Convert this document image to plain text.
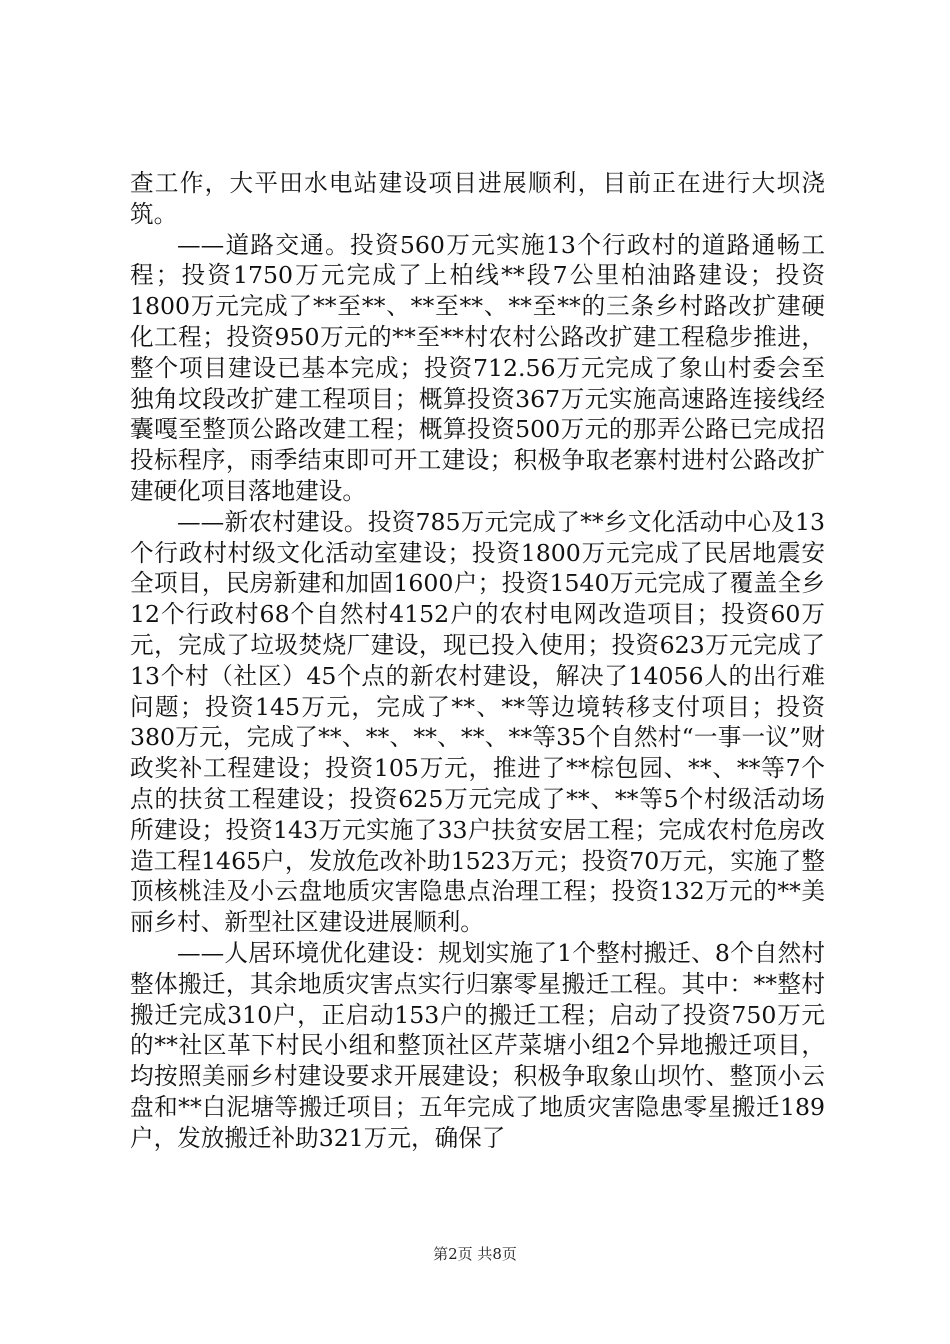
查工作，大平田水电站建设项目进展顺利，目前正在进行大坝浇筑。

——道路交通。投资560万元实施13个行政村的道路通畅工程；投资1750万元完成了上柏线**段7公里柏油路建设；投资1800万元完成了**至**、**至**、**至**的三条乡村路改扩建硬化工程；投资950万元的**至**村农村公路改扩建工程稳步推进，整个项目建设已基本完成；投资712.56万元完成了象山村委会至独角坟段改扩建工程项目；概算投资367万元实施高速路连接线经囊嘎至整顶公路改建工程；概算投资500万元的那弄公路已完成招投标程序，雨季结束即可开工建设；积极争取老寨村进村公路改扩建硬化项目落地建设。

——新农村建设。投资785万元完成了**乡文化活动中心及13个行政村村级文化活动室建设；投资1800万元完成了民居地震安全项目，民房新建和加固1600户；投资1540万元完成了覆盖全乡12个行政村68个自然村4152户的农村电网改造项目；投资60万元，完成了垃圾焚烧厂建设，现已投入使用；投资623万元完成了13个村（社区）45个点的新农村建设，解决了14056人的出行难问题；投资145万元，完成了**、**等边境转移支付项目；投资380万元，完成了**、**、**、**、**等35个自然村“一事一议”财政奖补工程建设；投资105万元，推进了**棕包园、**、**等7个点的扶贫工程建设；投资625万元完成了**、**等5个村级活动场所建设；投资143万元实施了33户扶贫安居工程；完成农村危房改造工程1465户，发放危改补助1523万元；投资70万元，实施了整顶核桃洼及小云盘地质灾害隐患点治理工程；投资132万元的**美丽乡村、新型社区建设进展顺利。

——人居环境优化建设：规划实施了1个整村搬迁、8个自然村整体搬迁，其余地质灾害点实行归寨零星搬迁工程。其中：**整村搬迁完成310户，正启动153户的搬迁工程；启动了投资750万元的**社区革下村民小组和整顶社区芹菜塘小组2个异地搬迁项目，均按照美丽乡村建设要求开展建设；积极争取象山坝竹、整顶小云盘和**白泥塘等搬迁项目；五年完成了地质灾害隐患零星搬迁189户，发放搬迁补助321万元，确保了

第2页 共8页
